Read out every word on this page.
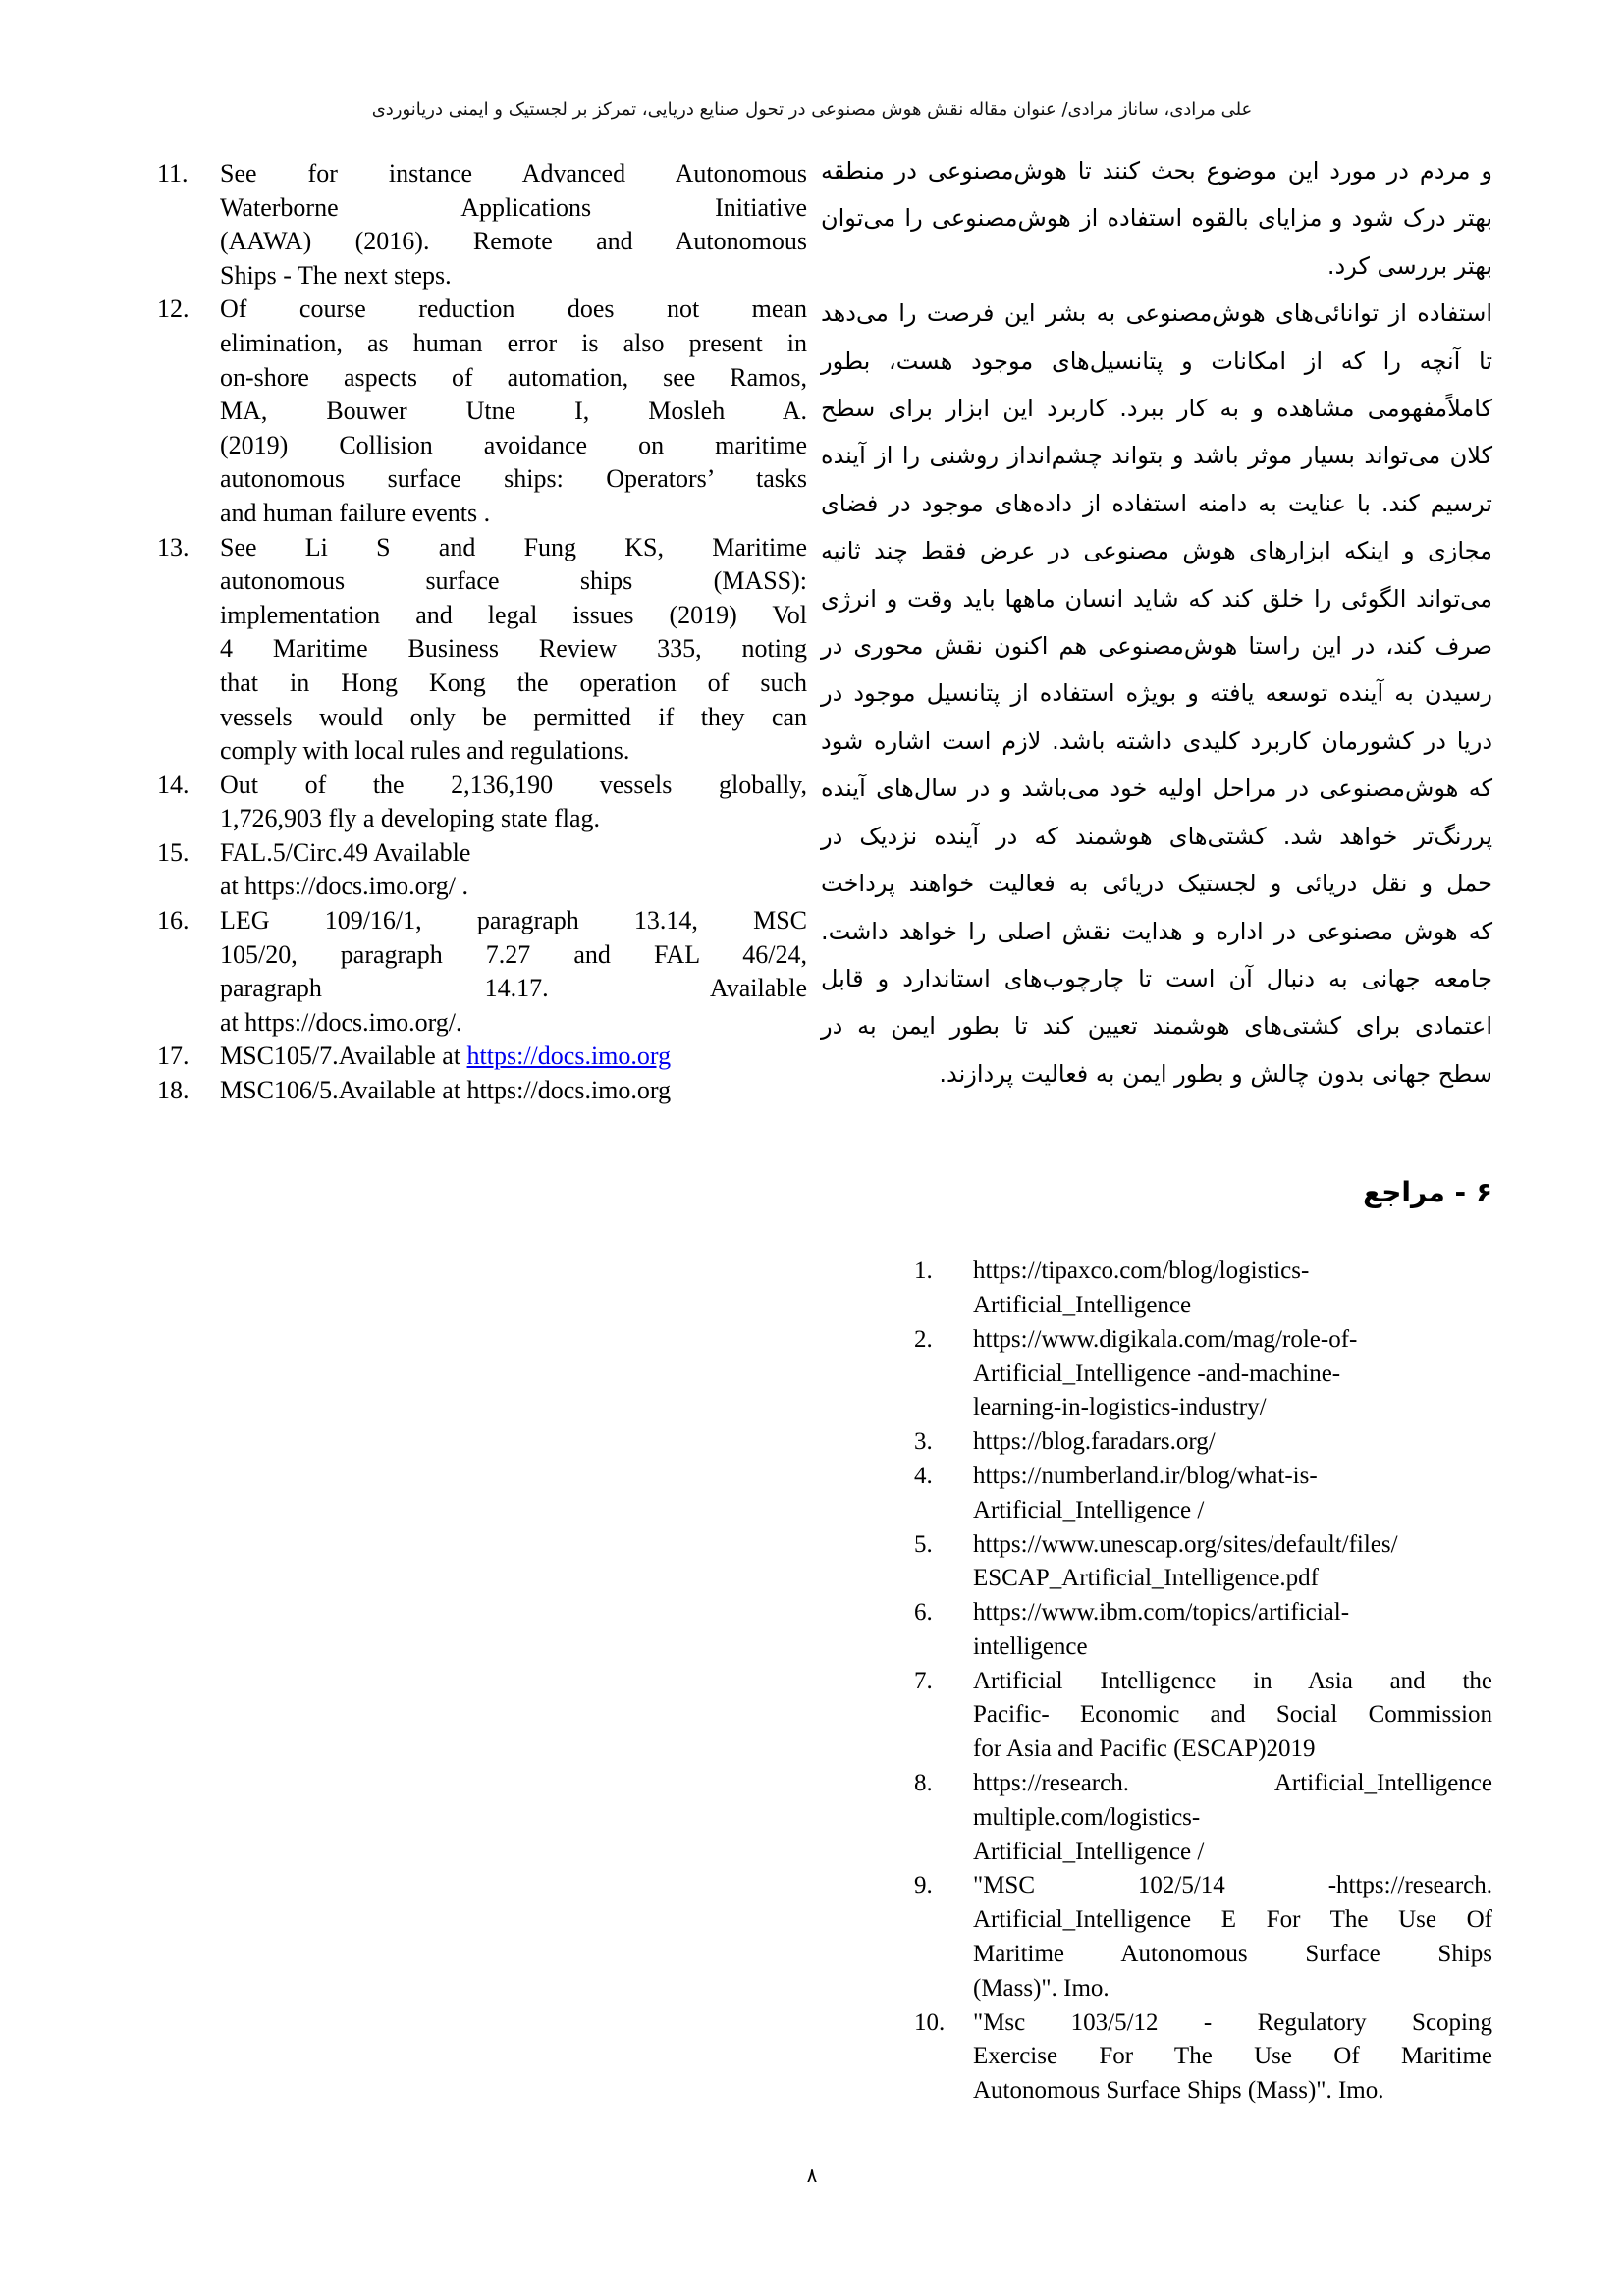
علی مرادی، ساناز مرادی/ عنوان مقاله نقش هوش مصنوعی در تحول صنایع دریایی، تمرکز بر لجستیک و ایمنی دریانوردی
11.	See for instance Advanced Autonomous
Waterborne Applications Initiative
(AAWA) (2016). Remote and Autonomous
Ships - The next steps.
12.	Of course reduction does not mean
elimination, as human error is also present in
on-shore aspects of automation, see Ramos,
MA, Bouwer Utne I, Mosleh A.
(2019) Collision avoidance on maritime
autonomous surface ships: Operators’ tasks
and human failure events .
13.	See Li S and Fung KS, Maritime
autonomous surface ships (MASS):
implementation and legal issues (2019) Vol
4 Maritime Business Review 335, noting
that in Hong Kong the operation of such
vessels would only be permitted if they can
comply with local rules and regulations.
14.	Out of the 2,136,190 vessels globally,
1,726,903 fly a developing state flag.
15.	FAL.5/Circ.49 Available
at https://docs.imo.org/ .
16.	LEG 109/16/1, paragraph 13.14, MSC
105/20, paragraph 7.27 and FAL 46/24,
paragraph 14.17. Available
at https://docs.imo.org/.
17.	MSC105/7.Available at https://docs.imo.org
18.	MSC106/5.Available at https://docs.imo.org
و مردم در مورد این موضوع بحث کنند تا هوش‌مصنوعی در منطقه
بهتر درک شود و مزایای بالقوه استفاده از هوش‌مصنوعی را می‌توان
بهتر بررسی کرد.
استفاده از توانائی‌های هوش‌مصنوعی به بشر این فرصت را می‌دهد
تا آنچه را که از امکانات و پتانسیل‌های موجود هست، بطور
کاملاًمفهومی مشاهده و به کار ببرد. کاربرد این ابزار برای سطح
کلان می‌تواند بسیار موثر باشد و بتواند چشم‌انداز روشنی را از آینده
ترسیم کند. با عنایت به دامنه استفاده از داده‌های موجود در فضای
مجازی و اینکه ابزارهای هوش مصنوعی در عرض فقط چند ثانیه
می‌تواند الگوئی را خلق کند که شاید انسان ماهها باید وقت و انرژی
صرف کند، در این راستا هوش‌مصنوعی هم اکنون نقش محوری در
رسیدن به آینده توسعه یافته و بویژه استفاده از پتانسیل موجود در
دریا در کشورمان کاربرد کلیدی داشته باشد. لازم است اشاره شود
که هوش‌مصنوعی در مراحل اولیه خود می‌باشد و در سال‌های آینده
پررنگ‌تر خواهد شد. کشتی‌های هوشمند که در آینده نزدیک در
حمل و نقل دریائی و لجستیک دریائی به فعالیت خواهند پرداخت
که هوش مصنوعی در اداره و هدایت نقش اصلی را خواهد داشت.
جامعه جهانی به دنبال آن است تا چارچوب‌های استاندارد و قابل
اعتمادی برای کشتی‌های هوشمند تعیین کند تا بطور ایمن به در
سطح جهانی بدون چالش و بطور ایمن به فعالیت پردازند.
۶ - مراجع
1.	https://tipaxco.com/blog/logistics-
Artificial_Intelligence
2.	https://www.digikala.com/mag/role-of-
Artificial_Intelligence -and-machine-
learning-in-logistics-industry/
3.	https://blog.faradars.org/
4.	https://numberland.ir/blog/what-is-
Artificial_Intelligence /
5.	https://www.unescap.org/sites/default/files/
ESCAP_Artificial_Intelligence.pdf
6.	https://www.ibm.com/topics/artificial-
intelligence
7.	Artificial Intelligence in Asia and the
Pacific- Economic and Social Commission
for Asia and Pacific (ESCAP)2019
8.	https://research. Artificial_Intelligence
multiple.com/logistics-
Artificial_Intelligence /
9.	"MSC 102/5/14 -https://research.
Artificial_Intelligence E For The Use Of
Maritime Autonomous Surface Ships
(Mass)". Imo.
10.	"Msc 103/5/12 - Regulatory Scoping
Exercise For The Use Of Maritime
Autonomous Surface Ships (Mass)". Imo.
۸
